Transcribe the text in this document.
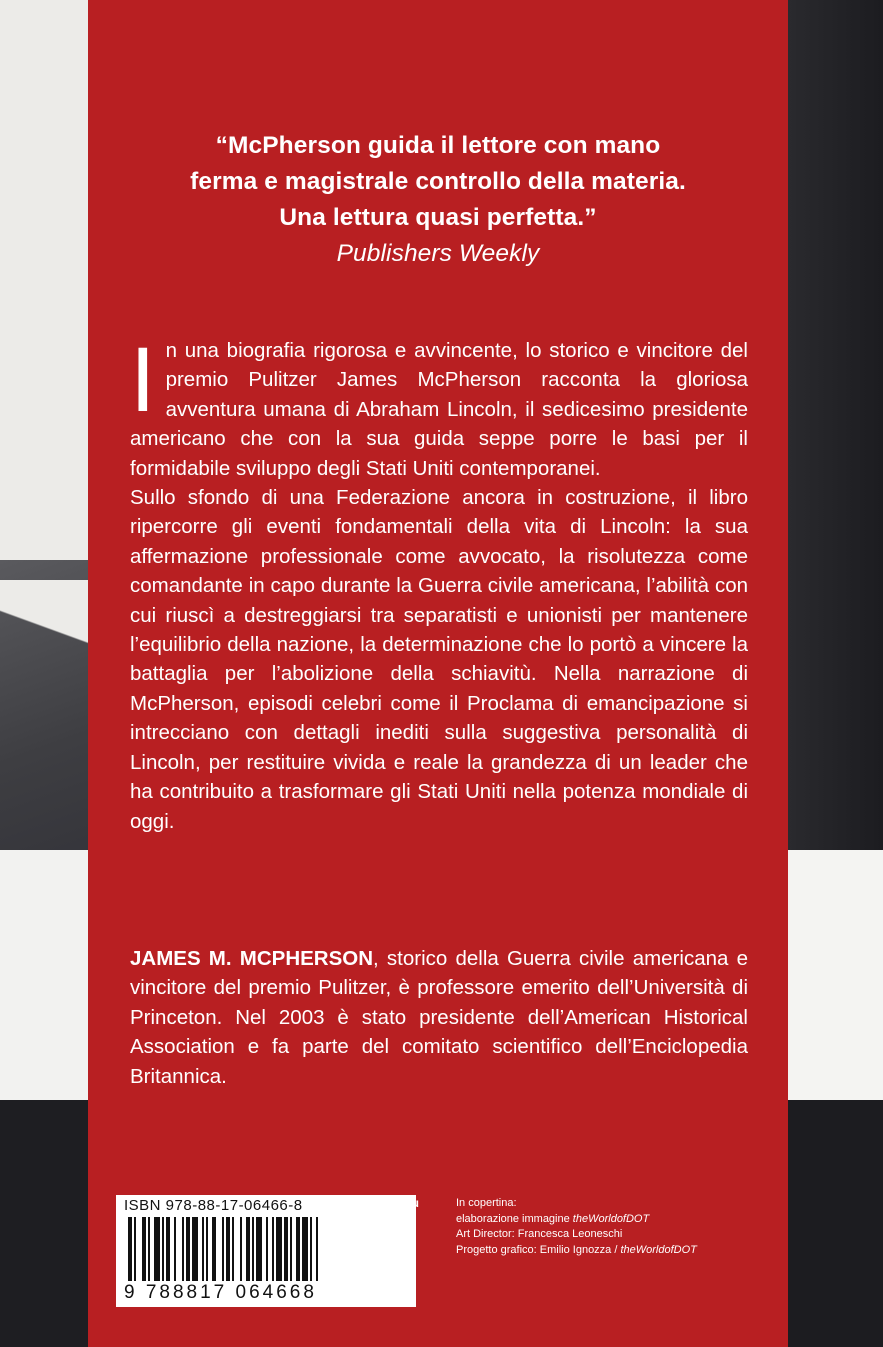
“McPherson guida il lettore con mano
ferma e magistrale controllo della materia.
Una lettura quasi perfetta.”
Publishers Weekly

In una biografia rigorosa e avvincente, lo storico e vincitore del premio Pulitzer James McPherson racconta la gloriosa avventura umana di Abraham Lincoln, il sedicesimo presidente americano che con la sua guida seppe porre le basi per il formidabile sviluppo degli Stati Uniti contemporanei.

Sullo sfondo di una Federazione ancora in costruzione, il libro ripercorre gli eventi fondamentali della vita di Lincoln: la sua affermazione professionale come avvocato, la risolutezza come comandante in capo durante la Guerra civile americana, l’abilità con cui riuscì a destreggiarsi tra separatisti e unionisti per mantenere l’equilibrio della nazione, la determinazione che lo portò a vincere la battaglia per l’abolizione della schiavitù. Nella narrazione di McPherson, episodi celebri come il Proclama di emancipazione si intrecciano con dettagli inediti sulla suggestiva personalità di Lincoln, per restituire vivida e reale la grandezza di un leader che ha contribuito a trasformare gli Stati Uniti nella potenza mondiale di oggi.

JAMES M. MCPHERSON, storico della Guerra civile americana e vincitore del premio Pulitzer, è professore emerito dell’Università di Princeton. Nel 2003 è stato presidente dell’American Historical Association e fa parte del comitato scientifico dell’Enciclopedia Britannica.
ISBN 978-88-17-06466-8
9 788817 064668
www.bur.eu
€ 9,50
In copertina:
elaborazione immagine theWorldofDOT
Art Director: Francesca Leoneschi
Progetto grafico: Emilio Ignozza / theWorldofDOT
